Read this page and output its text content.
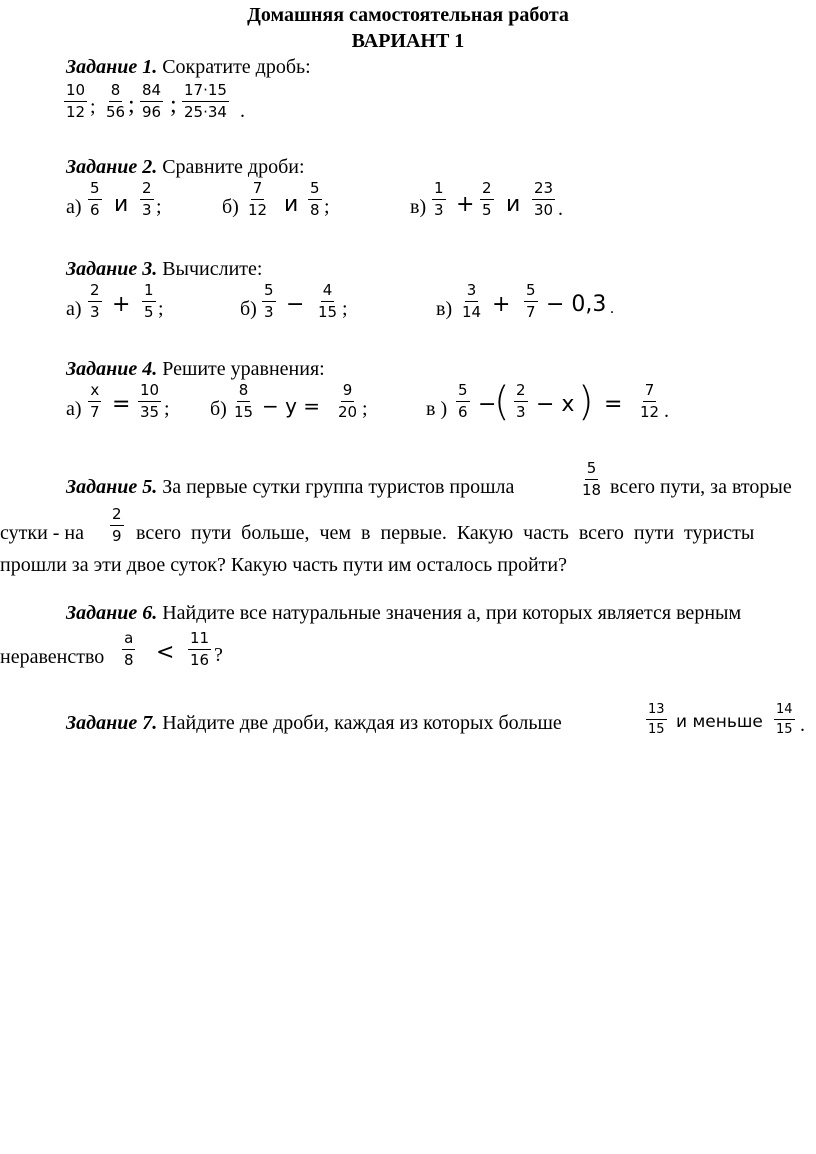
Домашняя самостоятельная работа
ВАРИАНТ 1
Задание 1. Сократите дробь:
$\frac{10}{12}$ ; $\frac{8}{56}$ ; $\frac{84}{96}$ ; $\frac{17\cdot 15}{25\cdot 34}$ .
Задание 2. Сравните дроби:
$а) \frac{5}{6}$ и $\frac{2}{3}$ ;	$б) \frac{7}{12}$ и $\frac{5}{8}$ ;	$в) \frac{1}{3} + \frac{2}{5}$ и $\frac{23}{30}$ .
Задание 3. Вычислите:
$а) \frac{2}{3} + \frac{1}{5}$ ;	$б) \frac{5}{3} - \frac{4}{15}$ ;	$в) \frac{3}{14} + \frac{5}{7} - 0,3$ .
Задание 4. Решите уравнения:
$а) \frac{x}{7} = \frac{10}{35}$ ; $б) \frac{8}{15} - y = \frac{9}{20}$ ;	в ) $\frac{5}{6}$ −
( $\frac{2}{3} - x$ ) = $\frac{7}{12}$ .
Задание 5. За первые сутки группа туристов прошла	$\frac{5}{18}$ всего пути, за вторые
сутки - на $\frac{2}{9}$ всего пути больше, чем в первые. Какую часть всего пути туристы
прошли за эти двое суток? Какую часть пути им осталось пройти?
Задание 6. Найдите все натуральные значения а, при которых является верным
неравенство $\frac{a}{8} < \frac{11}{16}$ ?
Задание 7. Найдите две дроби, каждая из которых больше	$\frac{13}{15}$ и меньше $\frac{14}{15}$ .
